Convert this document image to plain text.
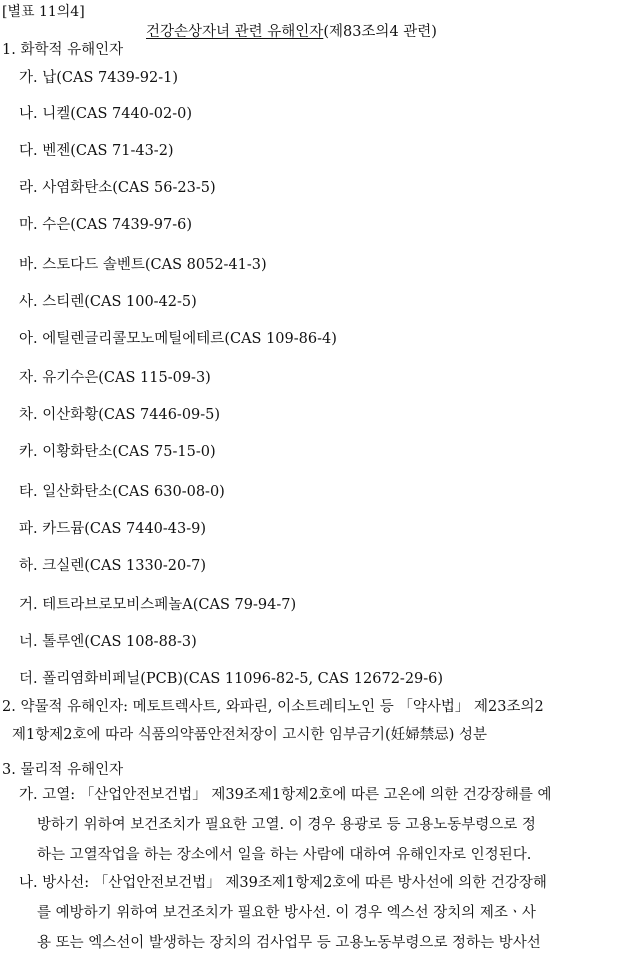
[별표 11의4]
건강손상자녀 관련 유해인자(제83조의4 관련)
1. 화학적 유해인자
가. 납(CAS 7439-92-1)
나. 니켈(CAS 7440-02-0)
다. 벤젠(CAS 71-43-2)
라. 사염화탄소(CAS 56-23-5)
마. 수은(CAS 7439-97-6)
바. 스토다드 솔벤트(CAS 8052-41-3)
사. 스티렌(CAS 100-42-5)
아. 에틸렌글리콜모노메틸에테르(CAS 109-86-4)
자. 유기수은(CAS 115-09-3)
차. 이산화황(CAS 7446-09-5)
카. 이황화탄소(CAS 75-15-0)
타. 일산화탄소(CAS 630-08-0)
파. 카드뮴(CAS 7440-43-9)
하. 크실렌(CAS 1330-20-7)
거. 테트라브로모비스페놀A(CAS 79-94-7)
너. 톨루엔(CAS 108-88-3)
더. 폴리염화비페닐(PCB)(CAS 11096-82-5, CAS 12672-29-6)
2. 약물적 유해인자: 메토트렉사트, 와파린, 이소트레티노인 등 「약사법」 제23조의2
제1항제2호에 따라 식품의약품안전처장이 고시한 임부금기(妊婦禁忌) 성분
3. 물리적 유해인자
가. 고열: 「산업안전보건법」 제39조제1항제2호에 따른 고온에 의한 건강장해를 예
방하기 위하여 보건조치가 필요한 고열. 이 경우 용광로 등 고용노동부령으로 정
하는 고열작업을 하는 장소에서 일을 하는 사람에 대하여 유해인자로 인정된다.
나. 방사선: 「산업안전보건법」 제39조제1항제2호에 따른 방사선에 의한 건강장해
를 예방하기 위하여 보건조치가 필요한 방사선. 이 경우 엑스선 장치의 제조ㆍ사
용 또는 엑스선이 발생하는 장치의 검사업무 등 고용노동부령으로 정하는 방사선
